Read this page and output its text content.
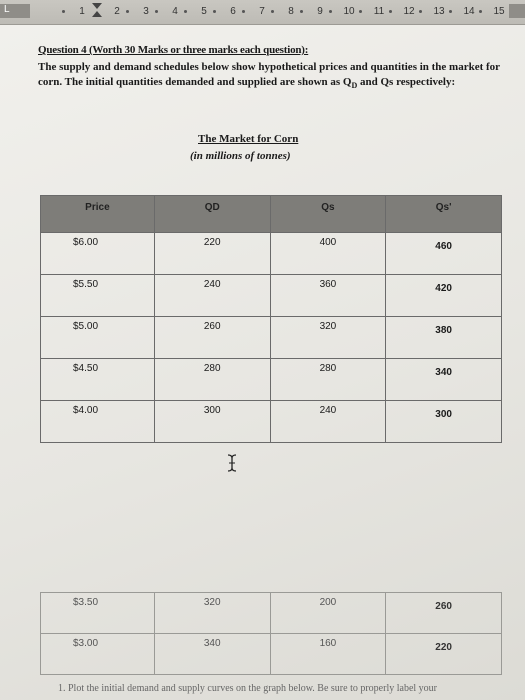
L	1	2	3	4	5	6	7	8	9	10 11 12 13 14 15
Question 4 (Worth 30 Marks or three marks each question):
The supply and demand schedules below show hypothetical prices and quantities in the market for corn. The initial quantities demanded and supplied are shown as $Q_D$ and Qs respectively:
The Market for Corn
(in millions of tonnes)
Price	QD	Qs	Qs'
$6.00	220	400	460
$5.50	240	360	420
$5.00	260	320	380
$4.50	280	280	340
$4.00	300	240	300
$3.50	320	200	260
$3.00	340	160	220
1. Plot the initial demand and supply curves on the graph below. Be sure to properly label your
